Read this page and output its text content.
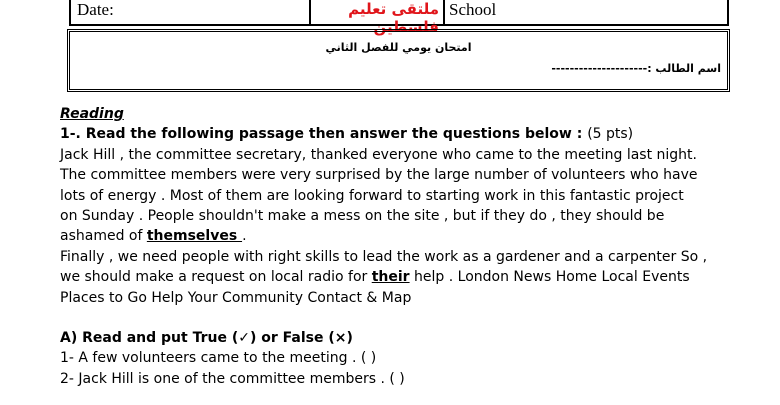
Date:	ملتقى تعليم فلسطين
School
امتحان يومي للفصل الثاني
اسم الطالب :---------------------

Reading

1-. Read the following passage then answer the questions below : (5 pts)

Jack Hill , the committee secretary, thanked everyone who came to the meeting last night.

The committee members were very surprised by the large number of volunteers who have

lots of energy . Most of them are looking forward to starting work in this fantastic project

on Sunday . People shouldn't make a mess on the site , but if they do , they should be

ashamed of themselves .

Finally , we need people with right skills to lead the work as a gardener and a carpenter So ,

we should make a request on local radio for their help . London News Home Local Events

Places to Go Help Your Community Contact & Map

A) Read and put True (✓) or False (×)

1- A few volunteers came to the meeting . ( )

2- Jack Hill is one of the committee members . ( )
